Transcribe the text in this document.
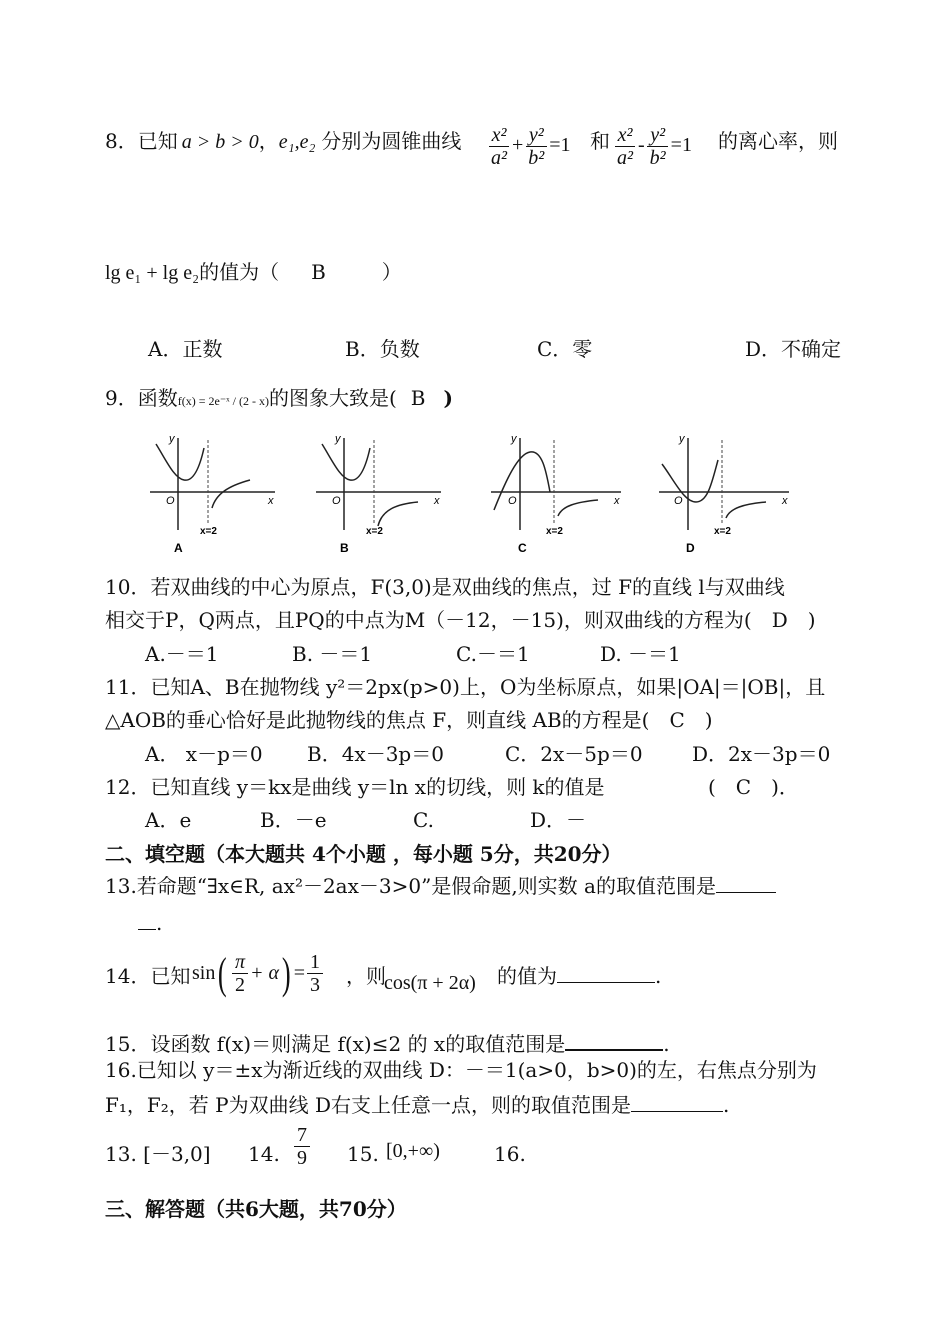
8．已知 a > b > 0，e₁,e₂ 分别为圆锥曲线 $\frac{\text{x²}}{\text{a²}} + \frac{\text{y²}}{\text{b²}} =1$ 和 $\frac{\text{x²}}{\text{a²}} - \frac{\text{y²}}{\text{b²}} =1$ 的离心率，则
lg e₁ + lg e₂的值为（ B	）
A．正数	B．负数	C．零	D．不确定
9．函数f(x) = 2e⁻ˣ / (2 - x)的图象大致是( B )
y
x
O
x=2
A
y
x
O
x=2
B
y
x
O
x=2
C
y
x
O
x=2
D
10．若双曲线的中心为原点，F(3,0)是双曲线的焦点，过 F的直线 l与双曲线
相交于P，Q两点，且PQ的中点为M（－12，－15)，则双曲线的方程为(　D　)
A.－＝1	B. －＝1	C.－＝1	D. －＝1
11．已知A、B在抛物线 y²＝2px(p>0)上，O为坐标原点，如果|OA|＝|OB|，且
△AOB的垂心恰好是此抛物线的焦点 F，则直线 AB的方程是(　C　)
A． x－p＝0 B．4x－3p＝0	C．2x－5p＝0 D．2x－3p＝0
12．已知直线 y＝kx是曲线 y＝ln x的切线，则 k的值是	(　C　)．
A．e	B．－e	C.	D．－
二、填空题（本大题共 4个小题 ，每小题 5分，共20分）
13.若命题“∃x∈R, ax²－2ax－3>0”是假命题,则实数 a的取值范围是
.
14．已知 sin ( $\frac{\pi}{2} + \alpha$ ) = $\frac{1}{3}$ ，则
cos(π + 2α) 的值为	.
15．设函数 f(x)＝则满足 f(x)≤2 的 x的取值范围是	.
16.已知以 y＝±x为渐近线的双曲线 D：－＝1(a>0，b>0)的左，右焦点分别为
F₁，F₂，若 P为双曲线 D右支上任意一点，则的取值范围是	.
13. [－3,0] 14. $\frac{7}{9} 15$. [0,+∞)	16.
三、解答题（共6大题，共70分）
